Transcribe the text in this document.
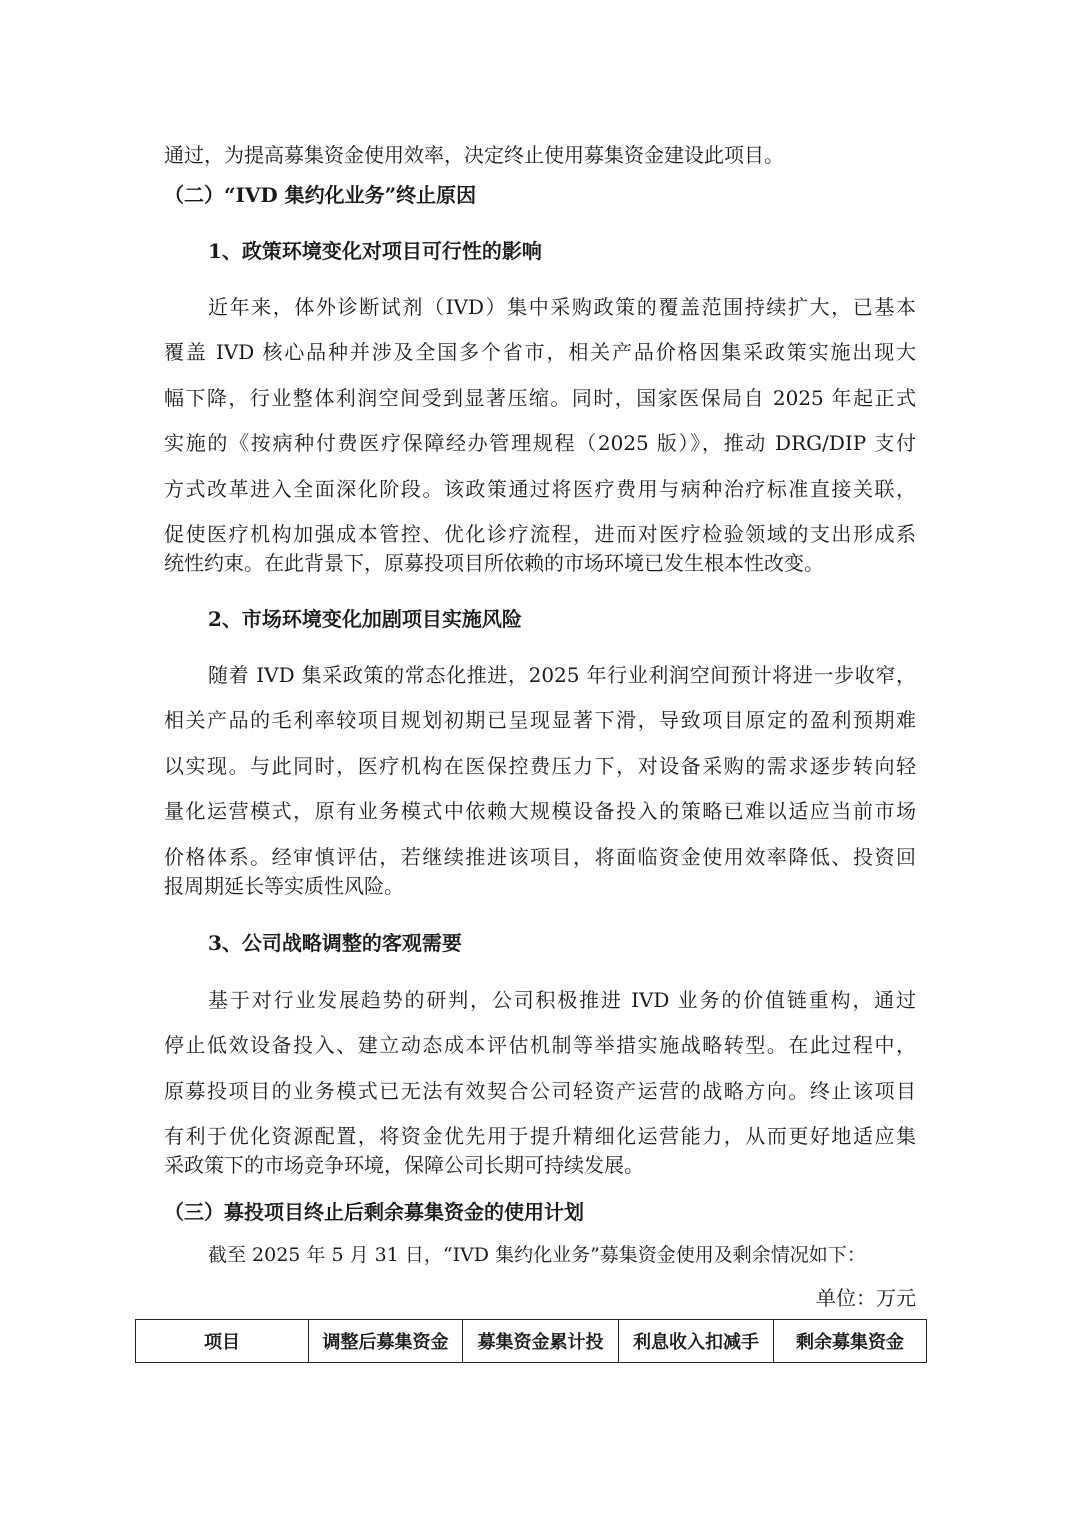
通过，为提高募集资金使用效率，决定终止使用募集资金建设此项目。
（二）“IVD 集约化业务”终止原因
1、政策环境变化对项目可行性的影响
近年来，体外诊断试剂（IVD）集中采购政策的覆盖范围持续扩大，已基本
覆盖 IVD 核心品种并涉及全国多个省市，相关产品价格因集采政策实施出现大
幅下降，行业整体利润空间受到显著压缩。同时，国家医保局自 2025 年起正式
实施的《按病种付费医疗保障经办管理规程（2025 版）》，推动 DRG/DIP 支付
方式改革进入全面深化阶段。该政策通过将医疗费用与病种治疗标准直接关联，
促使医疗机构加强成本管控、优化诊疗流程，进而对医疗检验领域的支出形成系
统性约束。在此背景下，原募投项目所依赖的市场环境已发生根本性改变。
2、市场环境变化加剧项目实施风险
随着 IVD 集采政策的常态化推进，2025 年行业利润空间预计将进一步收窄，
相关产品的毛利率较项目规划初期已呈现显著下滑，导致项目原定的盈利预期难
以实现。与此同时，医疗机构在医保控费压力下，对设备采购的需求逐步转向轻
量化运营模式，原有业务模式中依赖大规模设备投入的策略已难以适应当前市场
价格体系。经审慎评估，若继续推进该项目，将面临资金使用效率降低、投资回
报周期延长等实质性风险。
3、公司战略调整的客观需要
基于对行业发展趋势的研判，公司积极推进 IVD 业务的价值链重构，通过
停止低效设备投入、建立动态成本评估机制等举措实施战略转型。在此过程中，
原募投项目的业务模式已无法有效契合公司轻资产运营的战略方向。终止该项目
有利于优化资源配置，将资金优先用于提升精细化运营能力，从而更好地适应集
采政策下的市场竞争环境，保障公司长期可持续发展。
（三）募投项目终止后剩余募集资金的使用计划
截至 2025 年 5 月 31 日，“IVD 集约化业务”募集资金使用及剩余情况如下：
单位：万元
项目	调整后募集资金	募集资金累计投	利息收入扣减手	剩余募集资金
